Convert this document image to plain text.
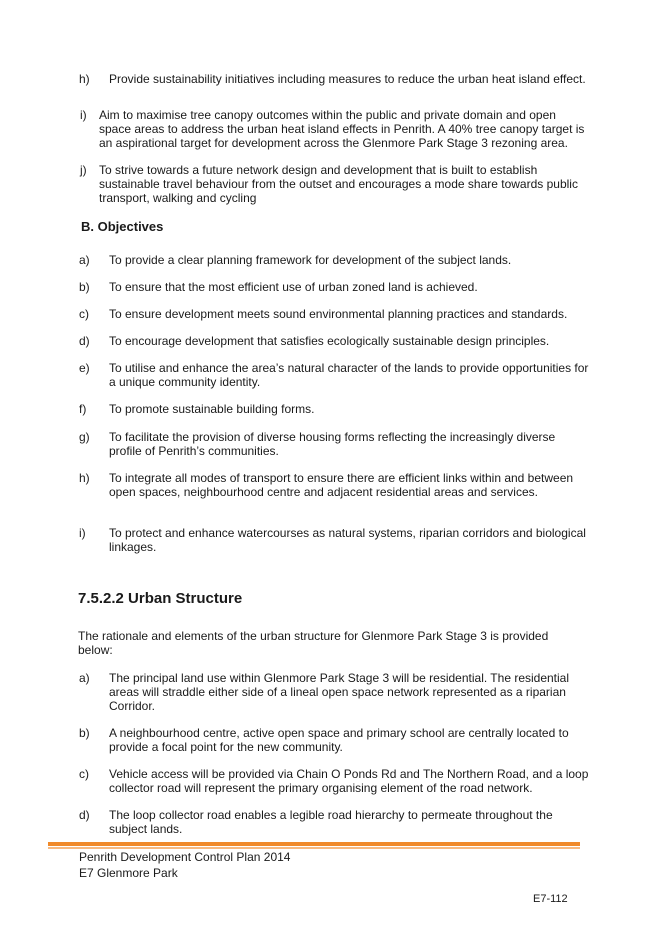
h) Provide sustainability initiatives including measures to reduce the urban heat island effect.
i) Aim to maximise tree canopy outcomes within the public and private domain and open space areas to address the urban heat island effects in Penrith. A 40% tree canopy target is an aspirational target for development across the Glenmore Park Stage 3 rezoning area.
j) To strive towards a future network design and development that is built to establish sustainable travel behaviour from the outset and encourages a mode share towards public transport, walking and cycling
B. Objectives
a) To provide a clear planning framework for development of the subject lands.
b) To ensure that the most efficient use of urban zoned land is achieved.
c) To ensure development meets sound environmental planning practices and standards.
d) To encourage development that satisfies ecologically sustainable design principles.
e) To utilise and enhance the area’s natural character of the lands to provide opportunities for a unique community identity.
f) To promote sustainable building forms.
g) To facilitate the provision of diverse housing forms reflecting the increasingly diverse profile of Penrith’s communities.
h) To integrate all modes of transport to ensure there are efficient links within and between open spaces, neighbourhood centre and adjacent residential areas and services.
i) To protect and enhance watercourses as natural systems, riparian corridors and biological linkages.
7.5.2.2 Urban Structure
The rationale and elements of the urban structure for Glenmore Park Stage 3 is provided below:
a) The principal land use within Glenmore Park Stage 3 will be residential. The residential areas will straddle either side of a lineal open space network represented as a riparian Corridor.
b) A neighbourhood centre, active open space and primary school are centrally located to provide a focal point for the new community.
c) Vehicle access will be provided via Chain O Ponds Rd and The Northern Road, and a loop collector road will represent the primary organising element of the road network.
d) The loop collector road enables a legible road hierarchy to permeate throughout the subject lands.
Penrith Development Control Plan 2014
E7 Glenmore Park
E7-112
